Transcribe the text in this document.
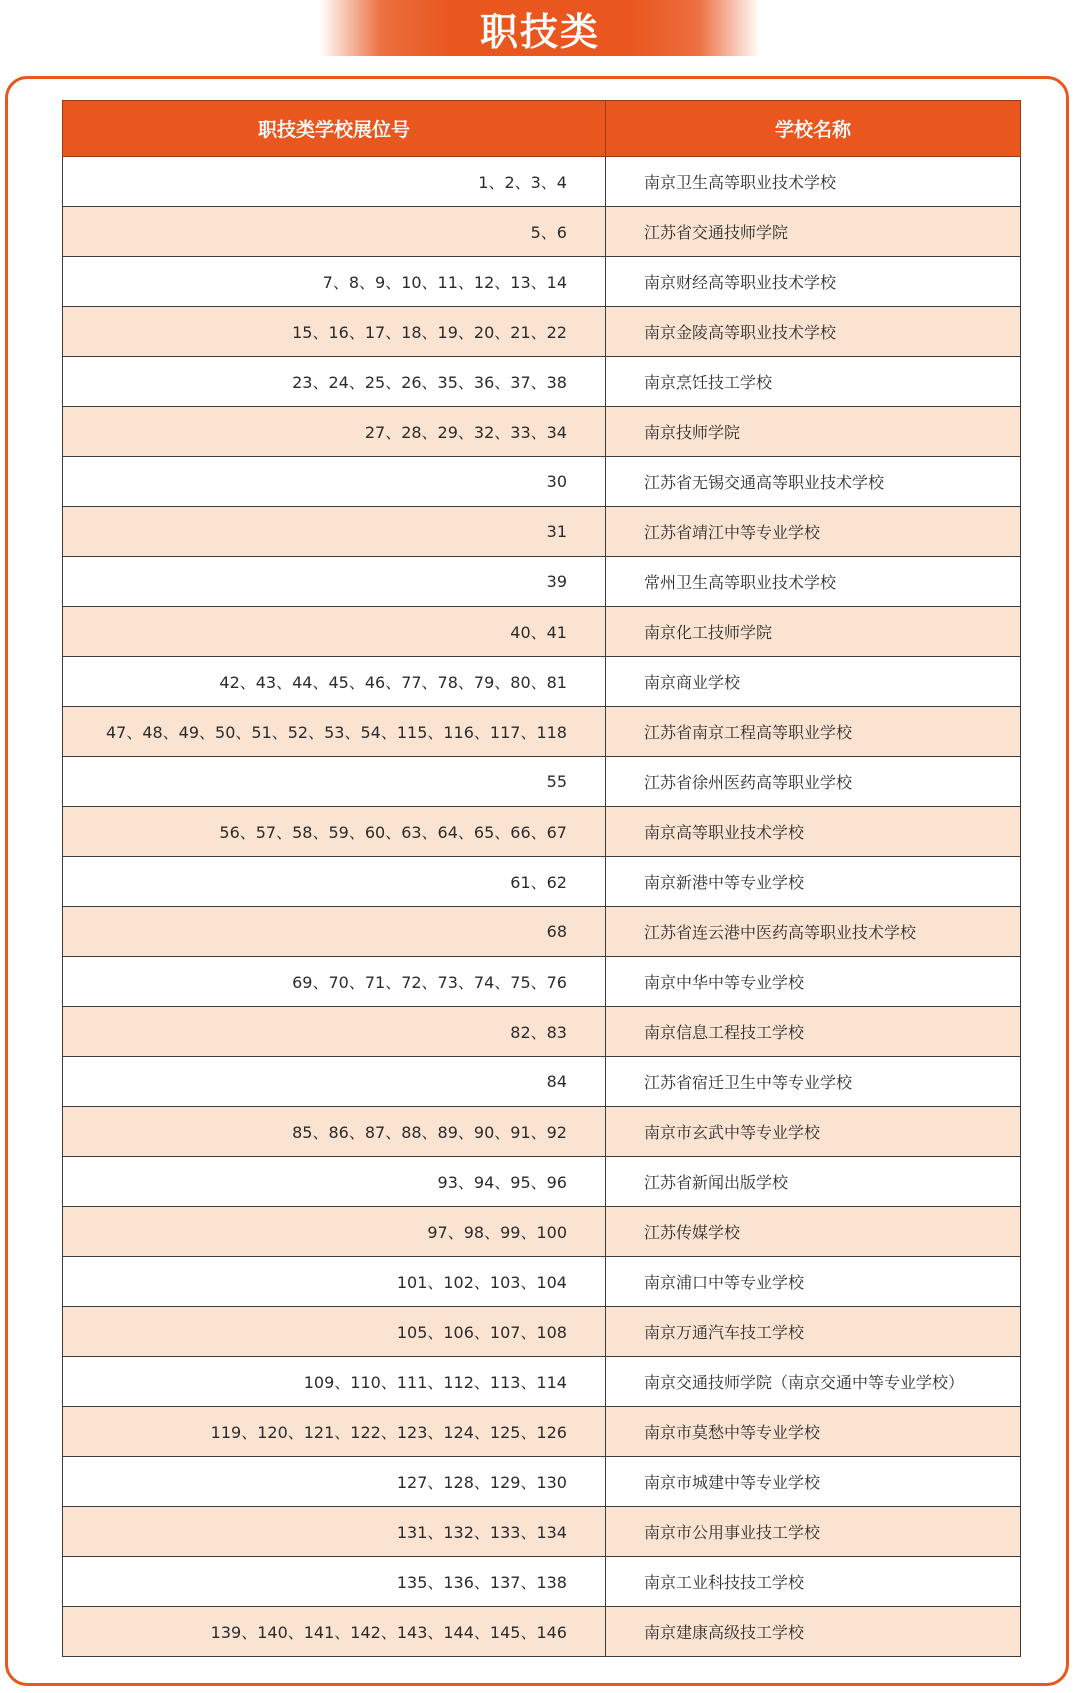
职技类
职技类学校展位号	学校名称
1、2、3、4	南京卫生高等职业技术学校
5、6	江苏省交通技师学院
7、8、9、10、11、12、13、14	南京财经高等职业技术学校
15、16、17、18、19、20、21、22	南京金陵高等职业技术学校
23、24、25、26、35、36、37、38	南京烹饪技工学校
27、28、29、32、33、34	南京技师学院
30	江苏省无锡交通高等职业技术学校
31	江苏省靖江中等专业学校
39	常州卫生高等职业技术学校
40、41	南京化工技师学院
42、43、44、45、46、77、78、79、80、81	南京商业学校
47、48、49、50、51、52、53、54、115、116、117、118	江苏省南京工程高等职业学校
55	江苏省徐州医药高等职业学校
56、57、58、59、60、63、64、65、66、67	南京高等职业技术学校
61、62	南京新港中等专业学校
68	江苏省连云港中医药高等职业技术学校
69、70、71、72、73、74、75、76	南京中华中等专业学校
82、83	南京信息工程技工学校
84	江苏省宿迁卫生中等专业学校
85、86、87、88、89、90、91、92	南京市玄武中等专业学校
93、94、95、96	江苏省新闻出版学校
97、98、99、100	江苏传媒学校
101、102、103、104	南京浦口中等专业学校
105、106、107、108	南京万通汽车技工学校
109、110、111、112、113、114	南京交通技师学院（南京交通中等专业学校）
119、120、121、122、123、124、125、126	南京市莫愁中等专业学校
127、128、129、130	南京市城建中等专业学校
131、132、133、134	南京市公用事业技工学校
135、136、137、138	南京工业科技技工学校
139、140、141、142、143、144、145、146	南京建康高级技工学校
